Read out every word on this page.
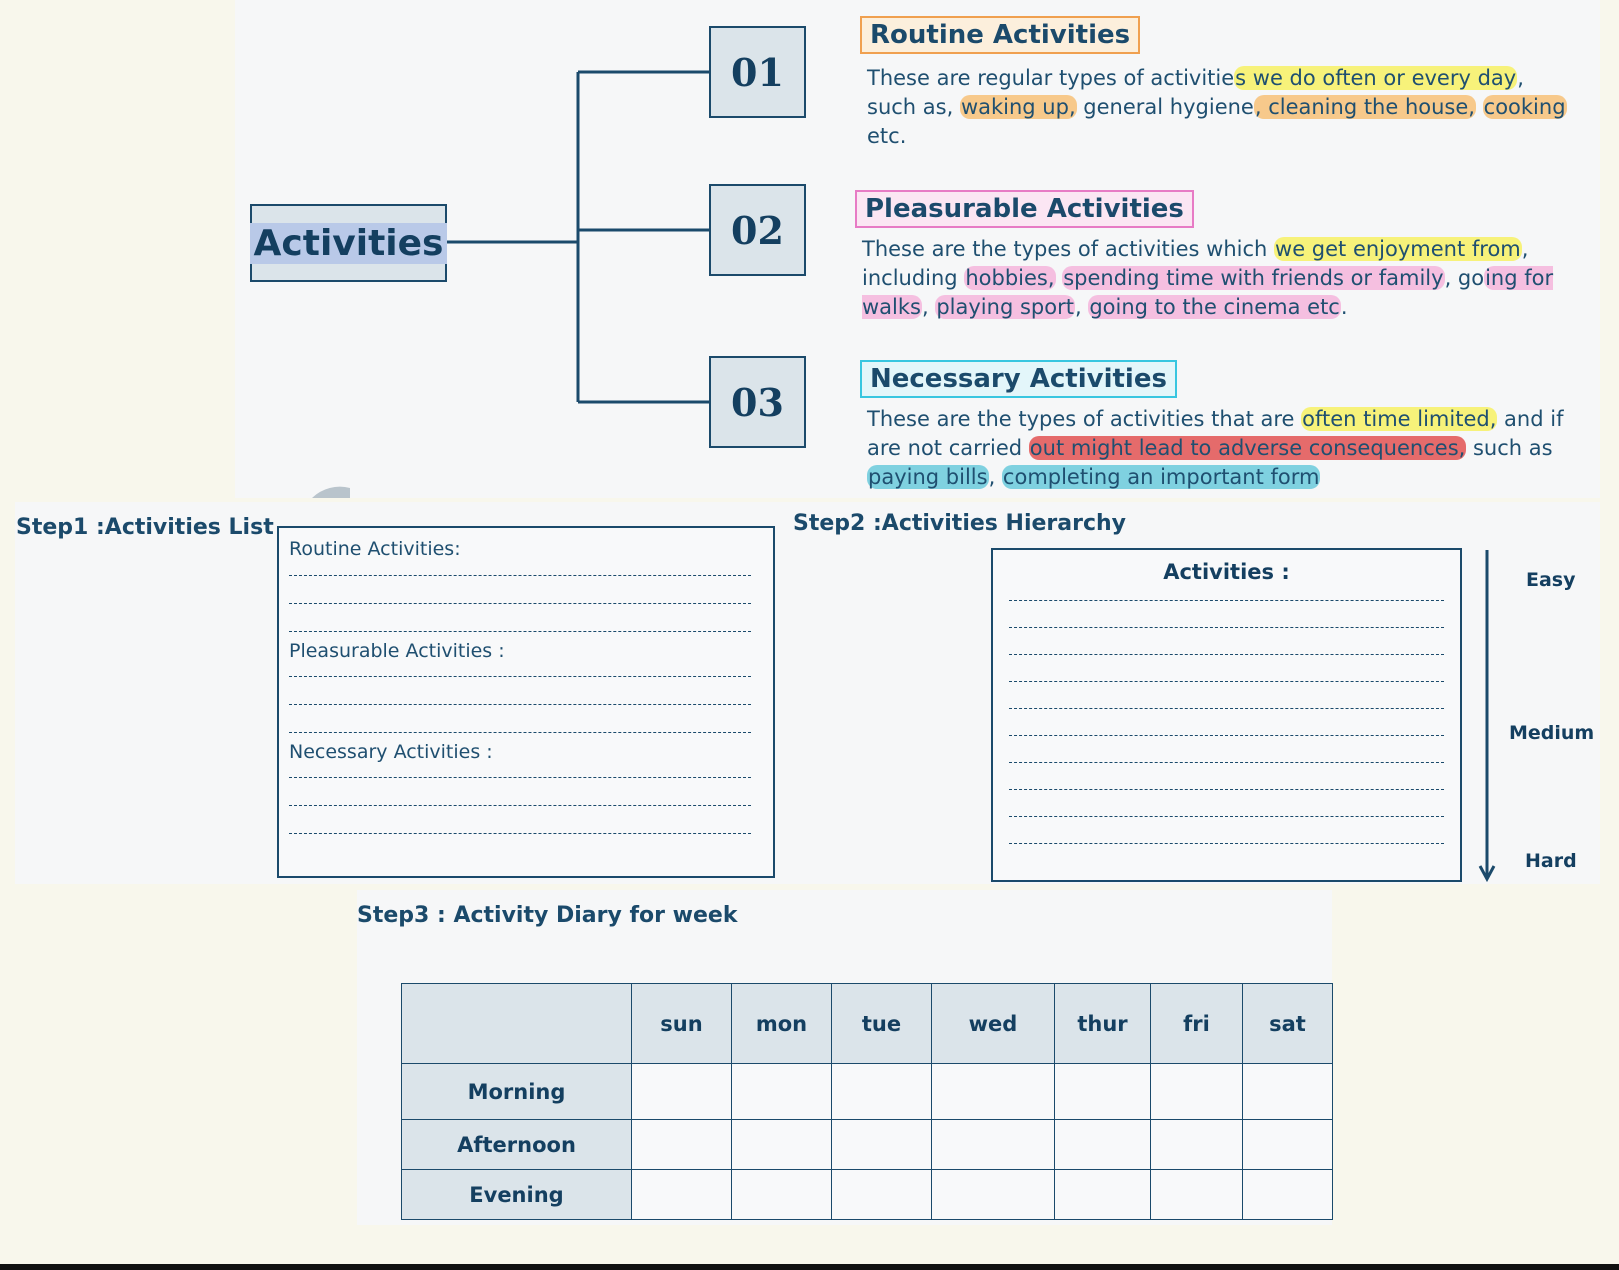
Activities
01
02
03
Routine Activities
These are regular types of activities we do often or every day, such as, waking up, general hygiene, cleaning the house, cooking etc.
Pleasurable Activities
These are the types of activities which we get enjoyment from, including hobbies, spending time with friends or family, going for walks, playing sport, going to the cinema etc.
Necessary Activities
These are the types of activities that are often time limited, and if are not carried out might lead to adverse consequences, such as paying bills, completing an important form
Step1 :Activities List
Routine Activities:
Pleasurable Activities :
Necessary Activities :
Step2 :Activities Hierarchy
Activities :	Easy
Medium
Hard
Step3 : Activity Diary for week
	sun	mon	tue	wed	thur	fri	sat
Morning							
Afternoon							
Evening							
